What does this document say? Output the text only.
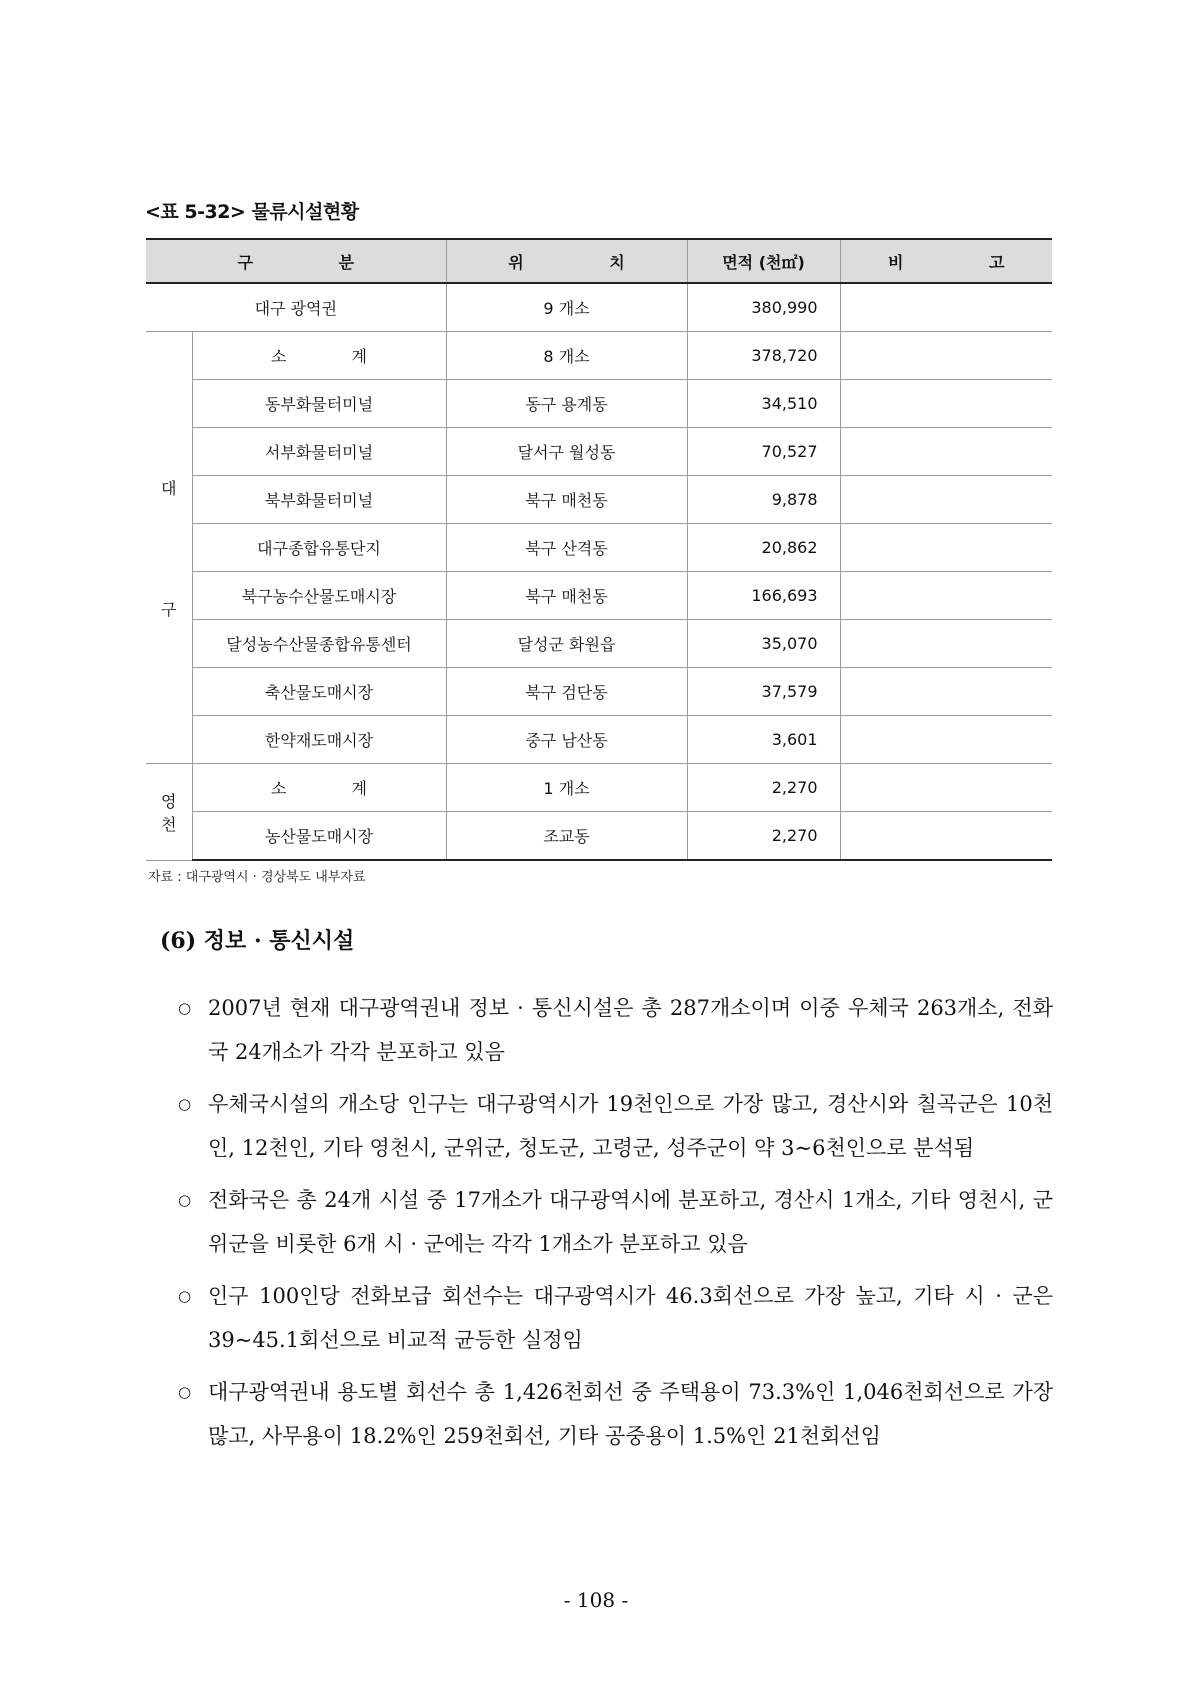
<표 5-32> 물류시설현황
구 분		위 치	면적 (천㎡)	비 고
대구 광역권		9 개소	380,990	

대
구	소 계	8 개소	378,720	
	동부화물터미널	동구 용계동	34,510	
	서부화물터미널	달서구 월성동	70,527	
	북부화물터미널	북구 매천동	9,878	
	대구종합유통단지	북구 산격동	20,862	
	북구농수산물도매시장	북구 매천동	166,693	
	달성농수산물종합유통센터	달성군 화원읍	35,070	
	축산물도매시장	북구 검단동	37,579	
	한약재도매시장	중구 남산동	3,601	
영천	소 계	1 개소	2,270	
	농산물도매시장	조교동	2,270	
자료 : 대구광역시 · 경상북도 내부자료
(6) 정보 · 통신시설
○ 2007년 현재 대구광역권내 정보 · 통신시설은 총 287개소이며 이중 우체국 263개소, 전화국 24개소가 각각 분포하고 있음
○ 우체국시설의 개소당 인구는 대구광역시가 19천인으로 가장 많고, 경산시와 칠곡군은 10천인, 12천인, 기타 영천시, 군위군, 청도군, 고령군, 성주군이 약 3∼6천인으로 분석됨
○ 전화국은 총 24개 시설 중 17개소가 대구광역시에 분포하고, 경산시 1개소, 기타 영천시, 군위군을 비롯한 6개 시 · 군에는 각각 1개소가 분포하고 있음
○ 인구 100인당 전화보급 회선수는 대구광역시가 46.3회선으로 가장 높고, 기타 시 · 군은 39∼45.1회선으로 비교적 균등한 실정임
○ 대구광역권내 용도별 회선수 총 1,426천회선 중 주택용이 73.3%인 1,046천회선으로 가장 많고, 사무용이 18.2%인 259천회선, 기타 공중용이 1.5%인 21천회선임
- 108 -
